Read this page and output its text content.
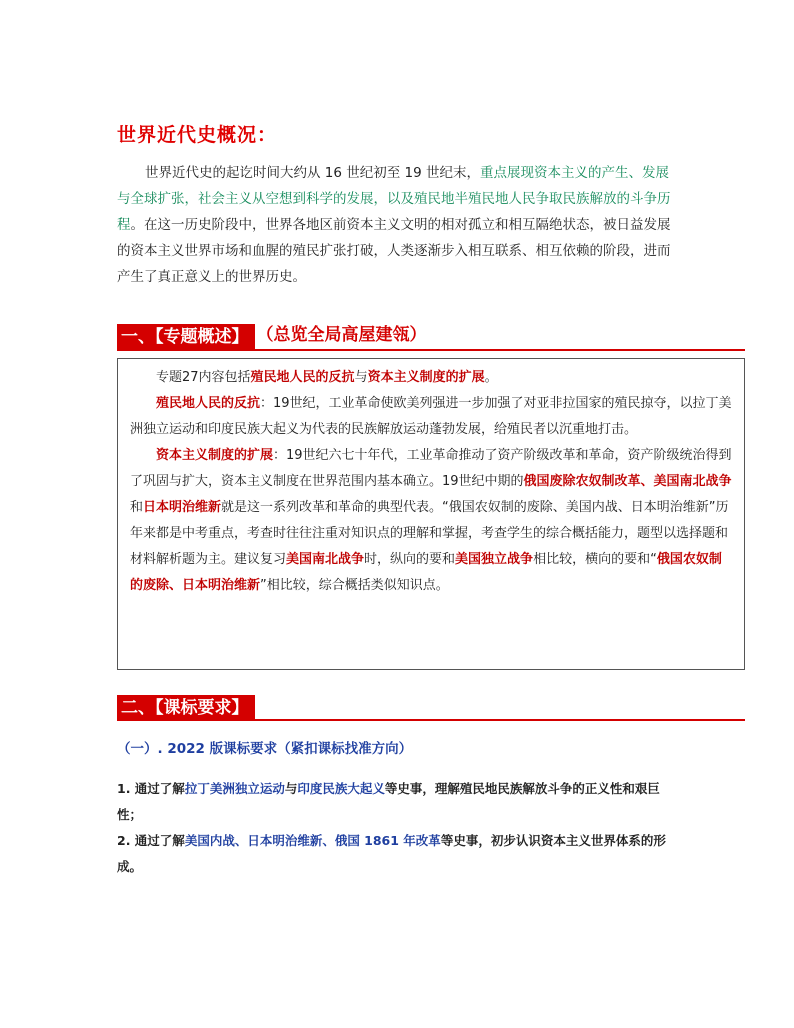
世界近代史概况：
世界近代史的起讫时间大约从 16 世纪初至 19 世纪末，重点展现资本主义的产生、发展与全球扩张，社会主义从空想到科学的发展，以及殖民地半殖民地人民争取民族解放的斗争历程。在这一历史阶段中，世界各地区前资本主义文明的相对孤立和相互隔绝状态，被日益发展的资本主义世界市场和血腥的殖民扩张打破，人类逐渐步入相互联系、相互依赖的阶段，进而产生了真正意义上的世界历史。
一、【专题概述】 （总览全局高屋建瓴）

专题27内容包括殖民地人民的反抗与资本主义制度的扩展。

殖民地人民的反抗：19世纪，工业革命使欧美列强进一步加强了对亚非拉国家的殖民掠夺，以拉丁美洲独立运动和印度民族大起义为代表的民族解放运动蓬勃发展，给殖民者以沉重地打击。

资本主义制度的扩展：19世纪六七十年代，工业革命推动了资产阶级改革和革命，资产阶级统治得到了巩固与扩大，资本主义制度在世界范围内基本确立。19世纪中期的俄国废除农奴制改革、美国南北战争和日本明治维新就是这一系列改革和革命的典型代表。“俄国农奴制的废除、美国内战、日本明治维新”历年来都是中考重点，考查时往往注重对知识点的理解和掌握，考查学生的综合概括能力，题型以选择题和材料解析题为主。建议复习美国南北战争时，纵向的要和美国独立战争相比较，横向的要和“俄国农奴制的废除、日本明治维新”相比较，综合概括类似知识点。

二、【课标要求】
（一）. 2022 版课标要求（紧扣课标找准方向）
1. 通过了解拉丁美洲独立运动与印度民族大起义等史事，理解殖民地民族解放斗争的正义性和艰巨性；
2. 通过了解美国内战、日本明治维新、俄国 1861 年改革等史事，初步认识资本主义世界体系的形成。
